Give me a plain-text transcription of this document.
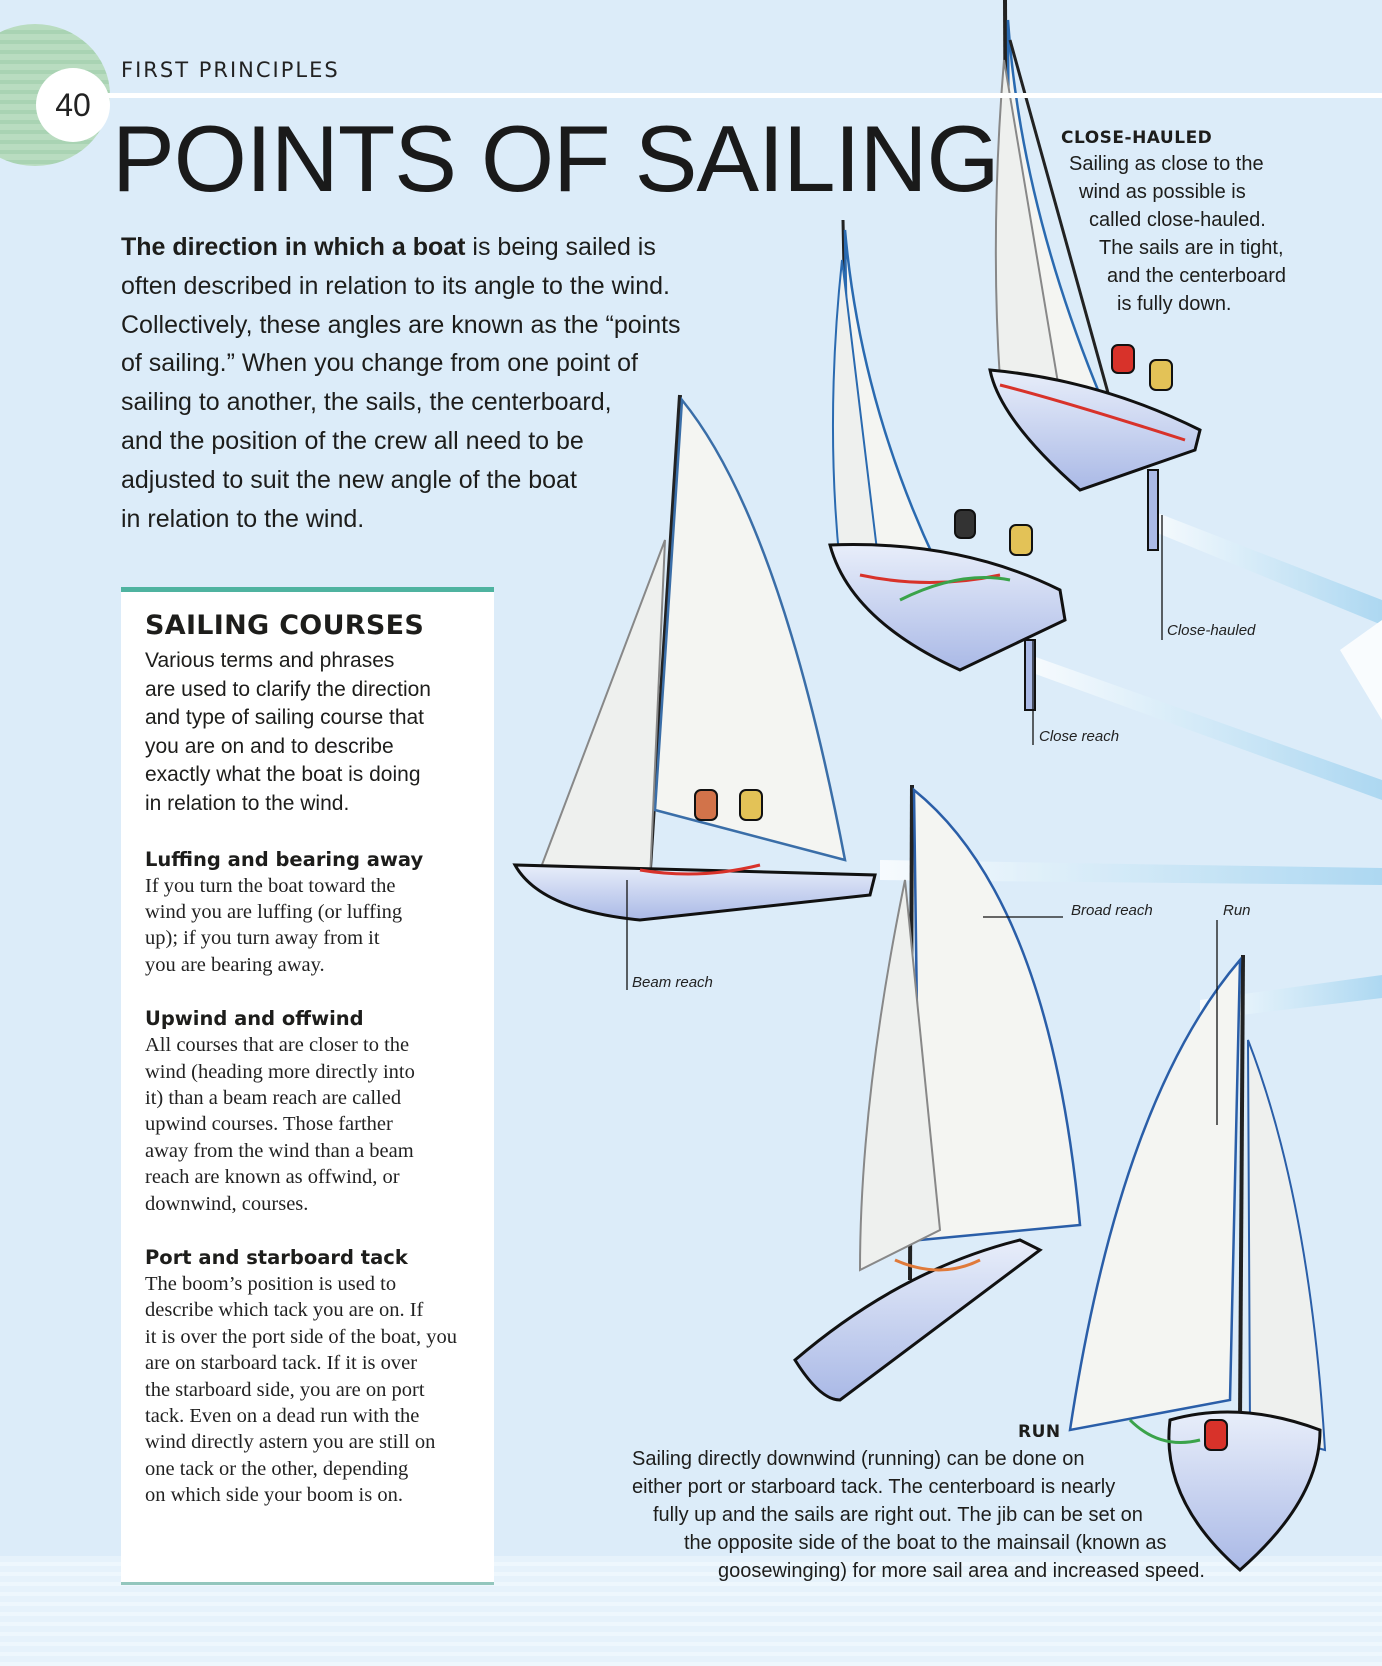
40
FIRST PRINCIPLES
POINTS OF SAILING

The direction in which a boat is being sailed is
often described in relation to its angle to the wind.
Collectively, these angles are known as the “points
of sailing.” When you change from one point of
sailing to another, the sails, the centerboard,
and the position of the crew all need to be
adjusted to suit the new angle of the boat
in relation to the wind.

SAILING COURSES

Various terms and phrases
are used to clarify the direction
and type of sailing course that
you are on and to describe
exactly what the boat is doing
in relation to the wind.

Luffing and bearing away

If you turn the boat toward the
wind you are luffing (or luffing
up); if you turn away from it
you are bearing away.

Upwind and offwind

All courses that are closer to the
wind (heading more directly into
it) than a beam reach are called
upwind courses. Those farther
away from the wind than a beam
reach are known as offwind, or
downwind, courses.

Port and starboard tack

The boom’s position is used to
describe which tack you are on. If
it is over the port side of the boat, you
are on starboard tack. If it is over
the starboard side, you are on port
tack. Even on a dead run with the
wind directly astern you are still on
one tack or the other, depending
on which side your boom is on.

CLOSE-HAULED
Sailing as close to the
wind as possible is
called close-hauled.
The sails are in tight,
and the centerboard
is fully down.
Close-hauled
Close reach
Beam reach
Broad reach	Run
RUN
Sailing directly downwind (running) can be done on
either port or starboard tack. The centerboard is nearly
fully up and the sails are right out. The jib can be set on
the opposite side of the boat to the mainsail (known as
goosewinging) for more sail area and increased speed.
